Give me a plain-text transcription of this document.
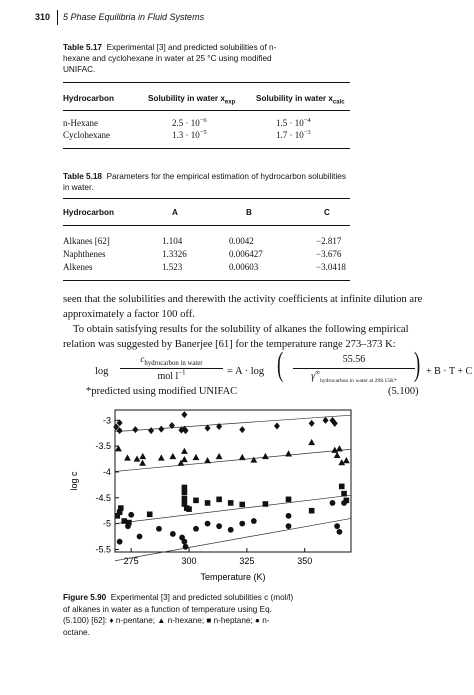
310 5 Phase Equilibria in Fluid Systems
Table 5.17 Experimental [3] and predicted solubilities of n-hexane and cyclohexane in water at 25 °C using modified UNIFAC.
Hydrocarbon	Solubility in water $x_{exp}$	Solubility in water $x_{calc}$
n-Hexane	$2.5 \cdot 10^{-6}$	$1.5 \cdot 10^{-4}$
Cyclohexane	$1.3 \cdot 10^{-5}$	$1.7 \cdot 10^{-3}$
Table 5.18 Parameters for the empirical estimation of hydrocarbon solubilities in water.
Hydrocarbon	A	B	C
Alkanes [62]	1.104	0.0042	−2.817
Naphthenes	1.3326	0.006427	−3.676
Alkenes	1.523	0.00603	−3.0418
seen that the solubilities and therewith the activity coefficients at infinite dilution are approximately a factor 100 off.
To obtain satisfying results for the solubility of alkanes the following empirical relation was suggested by Banerjee [61] for the temperature range 273–373 K:
log
$c_{hydrocarbon in water}$
mol $l^{-1}$	= A · log (	55.56
$\gamma^\infty_{hydrocarbon in water at 298.15K*}$ ) + B · T + C
*predicted using modified UNIFAC	(5.100)
-3
-3.5
-4
-4.5
-5
-5.5
275	300	325	350
Temperature (K)
log c
Figure 5.90 Experimental [3] and predicted solubilities c (mol/l) of alkanes in water as a function of temperature using Eq. (5.100) [62]: ♦ n-pentane; ▲ n-hexane; ■ n-heptane; ● n-octane.
